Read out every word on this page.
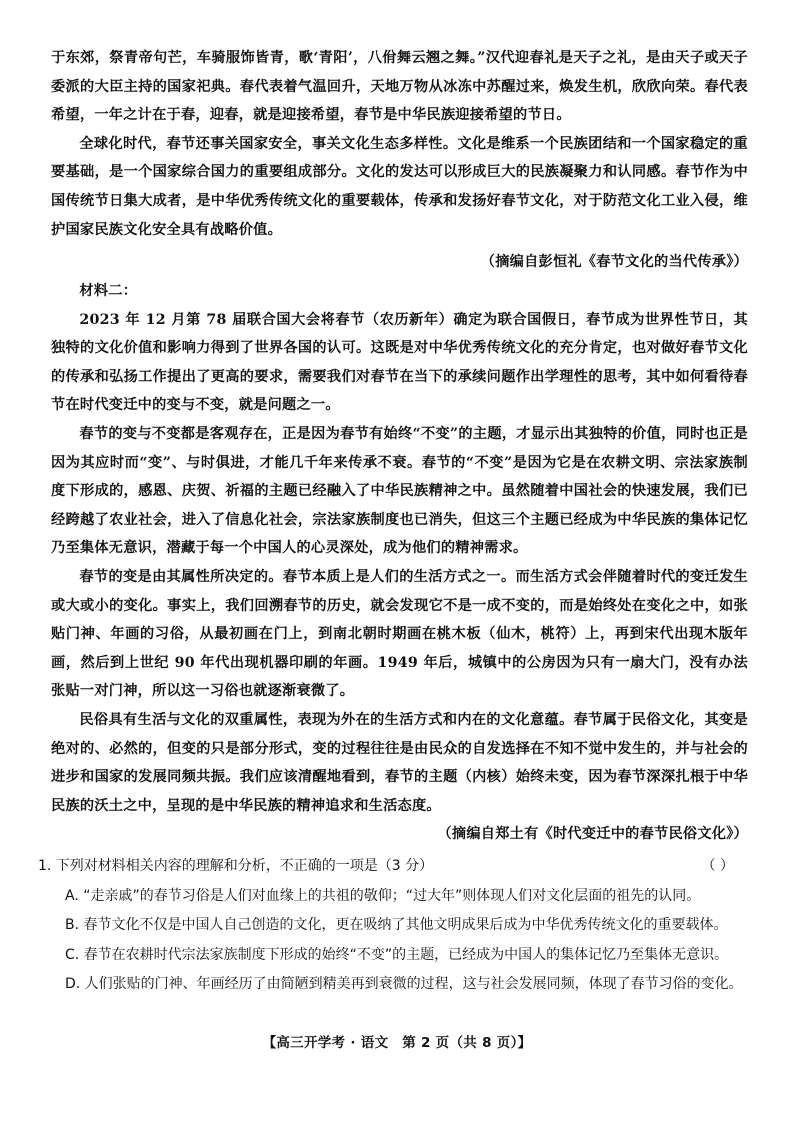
于东郊，祭青帝句芒，车骑服饰皆青，歌‘青阳’，八佾舞云翘之舞。”汉代迎春礼是天子之礼，是由天子或天子委派的大臣主持的国家祀典。春代表着气温回升，天地万物从冰冻中苏醒过来，焕发生机，欣欣向荣。春代表希望，一年之计在于春，迎春，就是迎接希望，春节是中华民族迎接希望的节日。

全球化时代，春节还事关国家安全，事关文化生态多样性。文化是维系一个民族团结和一个国家稳定的重要基础，是一个国家综合国力的重要组成部分。文化的发达可以形成巨大的民族凝聚力和认同感。春节作为中国传统节日集大成者，是中华优秀传统文化的重要载体，传承和发扬好春节文化，对于防范文化工业入侵，维护国家民族文化安全具有战略价值。

（摘编自彭恒礼《春节文化的当代传承》）

材料二：

2023 年 12 月第 78 届联合国大会将春节（农历新年）确定为联合国假日，春节成为世界性节日，其独特的文化价值和影响力得到了世界各国的认可。这既是对中华优秀传统文化的充分肯定，也对做好春节文化的传承和弘扬工作提出了更高的要求，需要我们对春节在当下的承续问题作出学理性的思考，其中如何看待春节在时代变迁中的变与不变，就是问题之一。

春节的变与不变都是客观存在，正是因为春节有始终“不变”的主题，才显示出其独特的价值，同时也正是因为其应时而“变”、与时俱进，才能几千年来传承不衰。春节的“不变”是因为它是在农耕文明、宗法家族制度下形成的，感恩、庆贺、祈福的主题已经融入了中华民族精神之中。虽然随着中国社会的快速发展，我们已经跨越了农业社会，进入了信息化社会，宗法家族制度也已消失，但这三个主题已经成为中华民族的集体记忆乃至集体无意识，潜藏于每一个中国人的心灵深处，成为他们的精神需求。

春节的变是由其属性所决定的。春节本质上是人们的生活方式之一。而生活方式会伴随着时代的变迁发生或大或小的变化。事实上，我们回溯春节的历史，就会发现它不是一成不变的，而是始终处在变化之中，如张贴门神、年画的习俗，从最初画在门上，到南北朝时期画在桃木板（仙木，桃符）上，再到宋代出现木版年画，然后到上世纪 90 年代出现机器印刷的年画。1949 年后，城镇中的公房因为只有一扇大门，没有办法张贴一对门神，所以这一习俗也就逐渐衰微了。

民俗具有生活与文化的双重属性，表现为外在的生活方式和内在的文化意蕴。春节属于民俗文化，其变是绝对的、必然的，但变的只是部分形式，变的过程往往是由民众的自发选择在不知不觉中发生的，并与社会的进步和国家的发展同频共振。我们应该清醒地看到，春节的主题（内核）始终未变，因为春节深深扎根于中华民族的沃土之中，呈现的是中华民族的精神追求和生活态度。

（摘编自郑土有《时代变迁中的春节民俗文化》）

1. 下列对材料相关内容的理解和分析，不正确的一项是（3 分）	（ ）
A. “走亲戚”的春节习俗是人们对血缘上的共祖的敬仰；“过大年”则体现人们对文化层面的祖先的认同。
B. 春节文化不仅是中国人自己创造的文化，更在吸纳了其他文明成果后成为中华优秀传统文化的重要载体。
C. 春节在农耕时代宗法家族制度下形成的始终“不变”的主题，已经成为中国人的集体记忆乃至集体无意识。
D. 人们张贴的门神、年画经历了由简陋到精美再到衰微的过程，这与社会发展同频，体现了春节习俗的变化。
【高三开学考 · 语文　第 2 页（共 8 页）】
